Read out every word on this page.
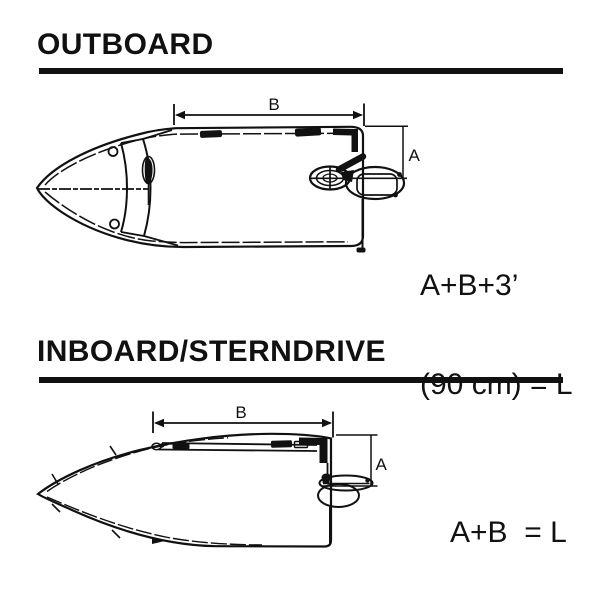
OUTBOARD
INBOARD/STERNDRIVE

A+B+3’

(90 cm) = L

A+B  = L
B
A
B
A
